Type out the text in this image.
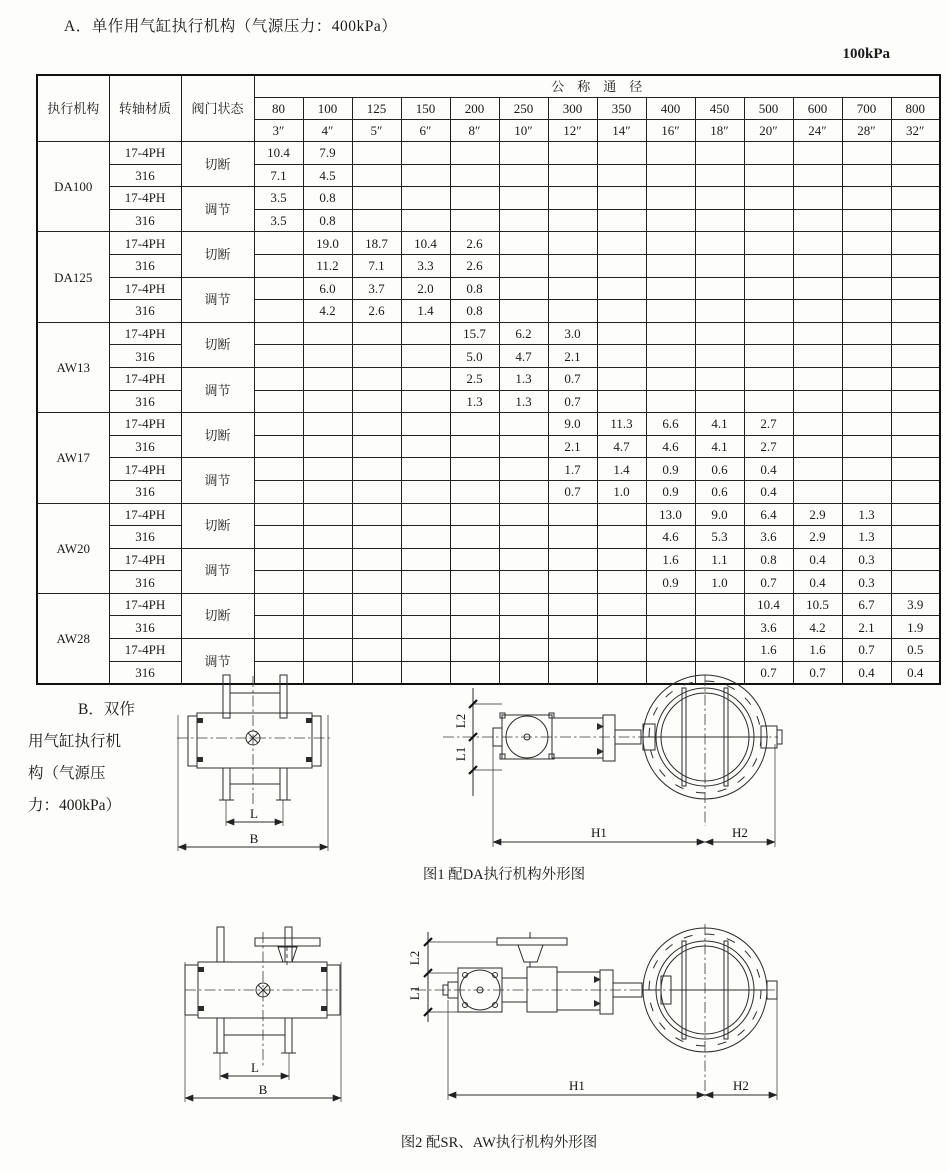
A．单作用气缸执行机构（气源压力：400kPa）
100kPa
执行机构	转轴材质	阀门状态	公　称　通　径													
			80	100	125	150	200	250	300	350	400	450	500	600	700	800
			3″	4″	5″	6″	8″	10″	12″	14″	16″	18″	20″	24″	28″	32″
DA100	17-4PH	切断	10.4	7.9												
	316		7.1	4.5												
	17-4PH	调节	3.5	0.8												
	316		3.5	0.8												
DA125	17-4PH	切断		19.0	18.7	10.4	2.6									
	316			11.2	7.1	3.3	2.6									
	17-4PH	调节		6.0	3.7	2.0	0.8									
	316			4.2	2.6	1.4	0.8									
AW13	17-4PH	切断					15.7	6.2	3.0							
	316						5.0	4.7	2.1							
	17-4PH	调节					2.5	1.3	0.7							
	316						1.3	1.3	0.7							
AW17	17-4PH	切断							9.0	11.3	6.6	4.1	2.7			
	316								2.1	4.7	4.6	4.1	2.7			
	17-4PH	调节							1.7	1.4	0.9	0.6	0.4			
	316								0.7	1.0	0.9	0.6	0.4			
AW20	17-4PH	切断									13.0	9.0	6.4	2.9	1.3	
	316										4.6	5.3	3.6	2.9	1.3	
	17-4PH	调节									1.6	1.1	0.8	0.4	0.3	
	316										0.9	1.0	0.7	0.4	0.3	
AW28	17-4PH	切断											10.4	10.5	6.7	3.9
	316												3.6	4.2	2.1	1.9
	17-4PH	调节											1.6	1.6	0.7	0.5
	316												0.7	0.7	0.4	0.4
B．双作
用气缸执行机
构（气源压
力：400kPa）	L
B
L2
L1
H1	H2
图1 配DA执行机构外形图
L
B
L2
L1
H1	H2
图2 配SR、AW执行机构外形图
